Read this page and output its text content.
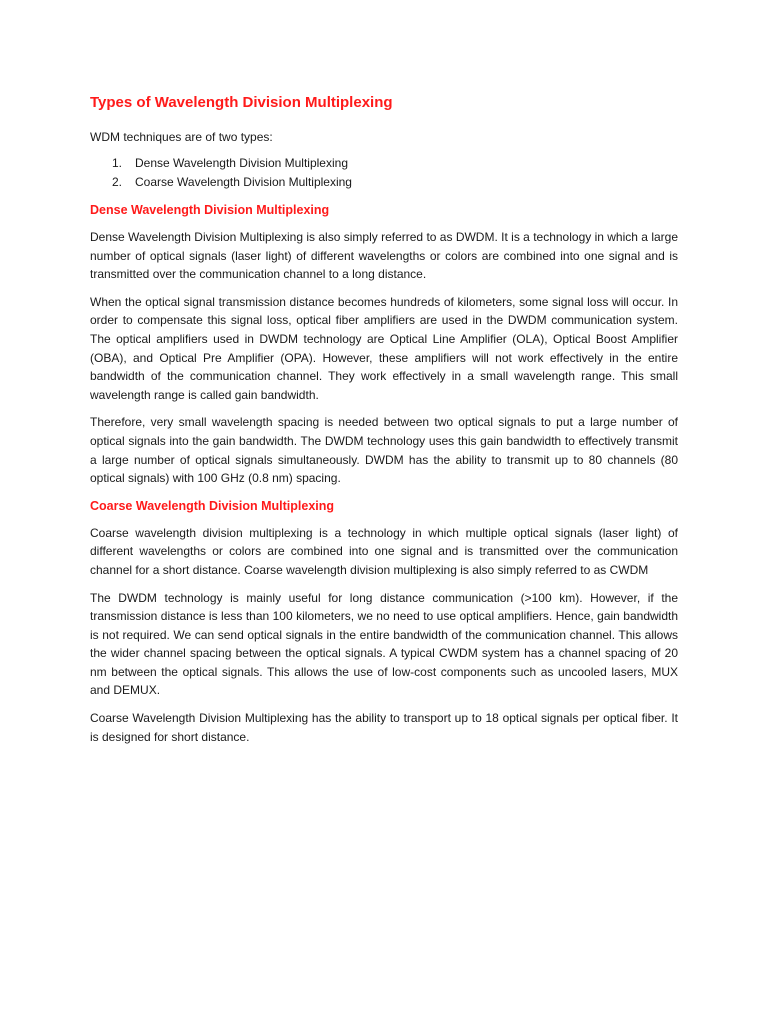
Types of Wavelength Division Multiplexing

WDM techniques are of two types:

1. Dense Wavelength Division Multiplexing
2. Coarse Wavelength Division Multiplexing
Dense Wavelength Division Multiplexing

Dense Wavelength Division Multiplexing is also simply referred to as DWDM. It is a technology in which a large number of optical signals (laser light) of different wavelengths or colors are combined into one signal and is transmitted over the communication channel to a long distance.

When the optical signal transmission distance becomes hundreds of kilometers, some signal loss will occur. In order to compensate this signal loss, optical fiber amplifiers are used in the DWDM communication system. The optical amplifiers used in DWDM technology are Optical Line Amplifier (OLA), Optical Boost Amplifier (OBA), and Optical Pre Amplifier (OPA). However, these amplifiers will not work effectively in the entire bandwidth of the communication channel. They work effectively in a small wavelength range. This small wavelength range is called gain bandwidth.

Therefore, very small wavelength spacing is needed between two optical signals to put a large number of optical signals into the gain bandwidth. The DWDM technology uses this gain bandwidth to effectively transmit a large number of optical signals simultaneously. DWDM has the ability to transmit up to 80 channels (80 optical signals) with 100 GHz (0.8 nm) spacing.

Coarse Wavelength Division Multiplexing

Coarse wavelength division multiplexing is a technology in which multiple optical signals (laser light) of different wavelengths or colors are combined into one signal and is transmitted over the communication channel for a short distance. Coarse wavelength division multiplexing is also simply referred to as CWDM

The DWDM technology is mainly useful for long distance communication (>100 km). However, if the transmission distance is less than 100 kilometers, we no need to use optical amplifiers. Hence, gain bandwidth is not required. We can send optical signals in the entire bandwidth of the communication channel. This allows the wider channel spacing between the optical signals. A typical CWDM system has a channel spacing of 20 nm between the optical signals. This allows the use of low-cost components such as uncooled lasers, MUX and DEMUX.

Coarse Wavelength Division Multiplexing has the ability to transport up to 18 optical signals per optical fiber. It is designed for short distance.
